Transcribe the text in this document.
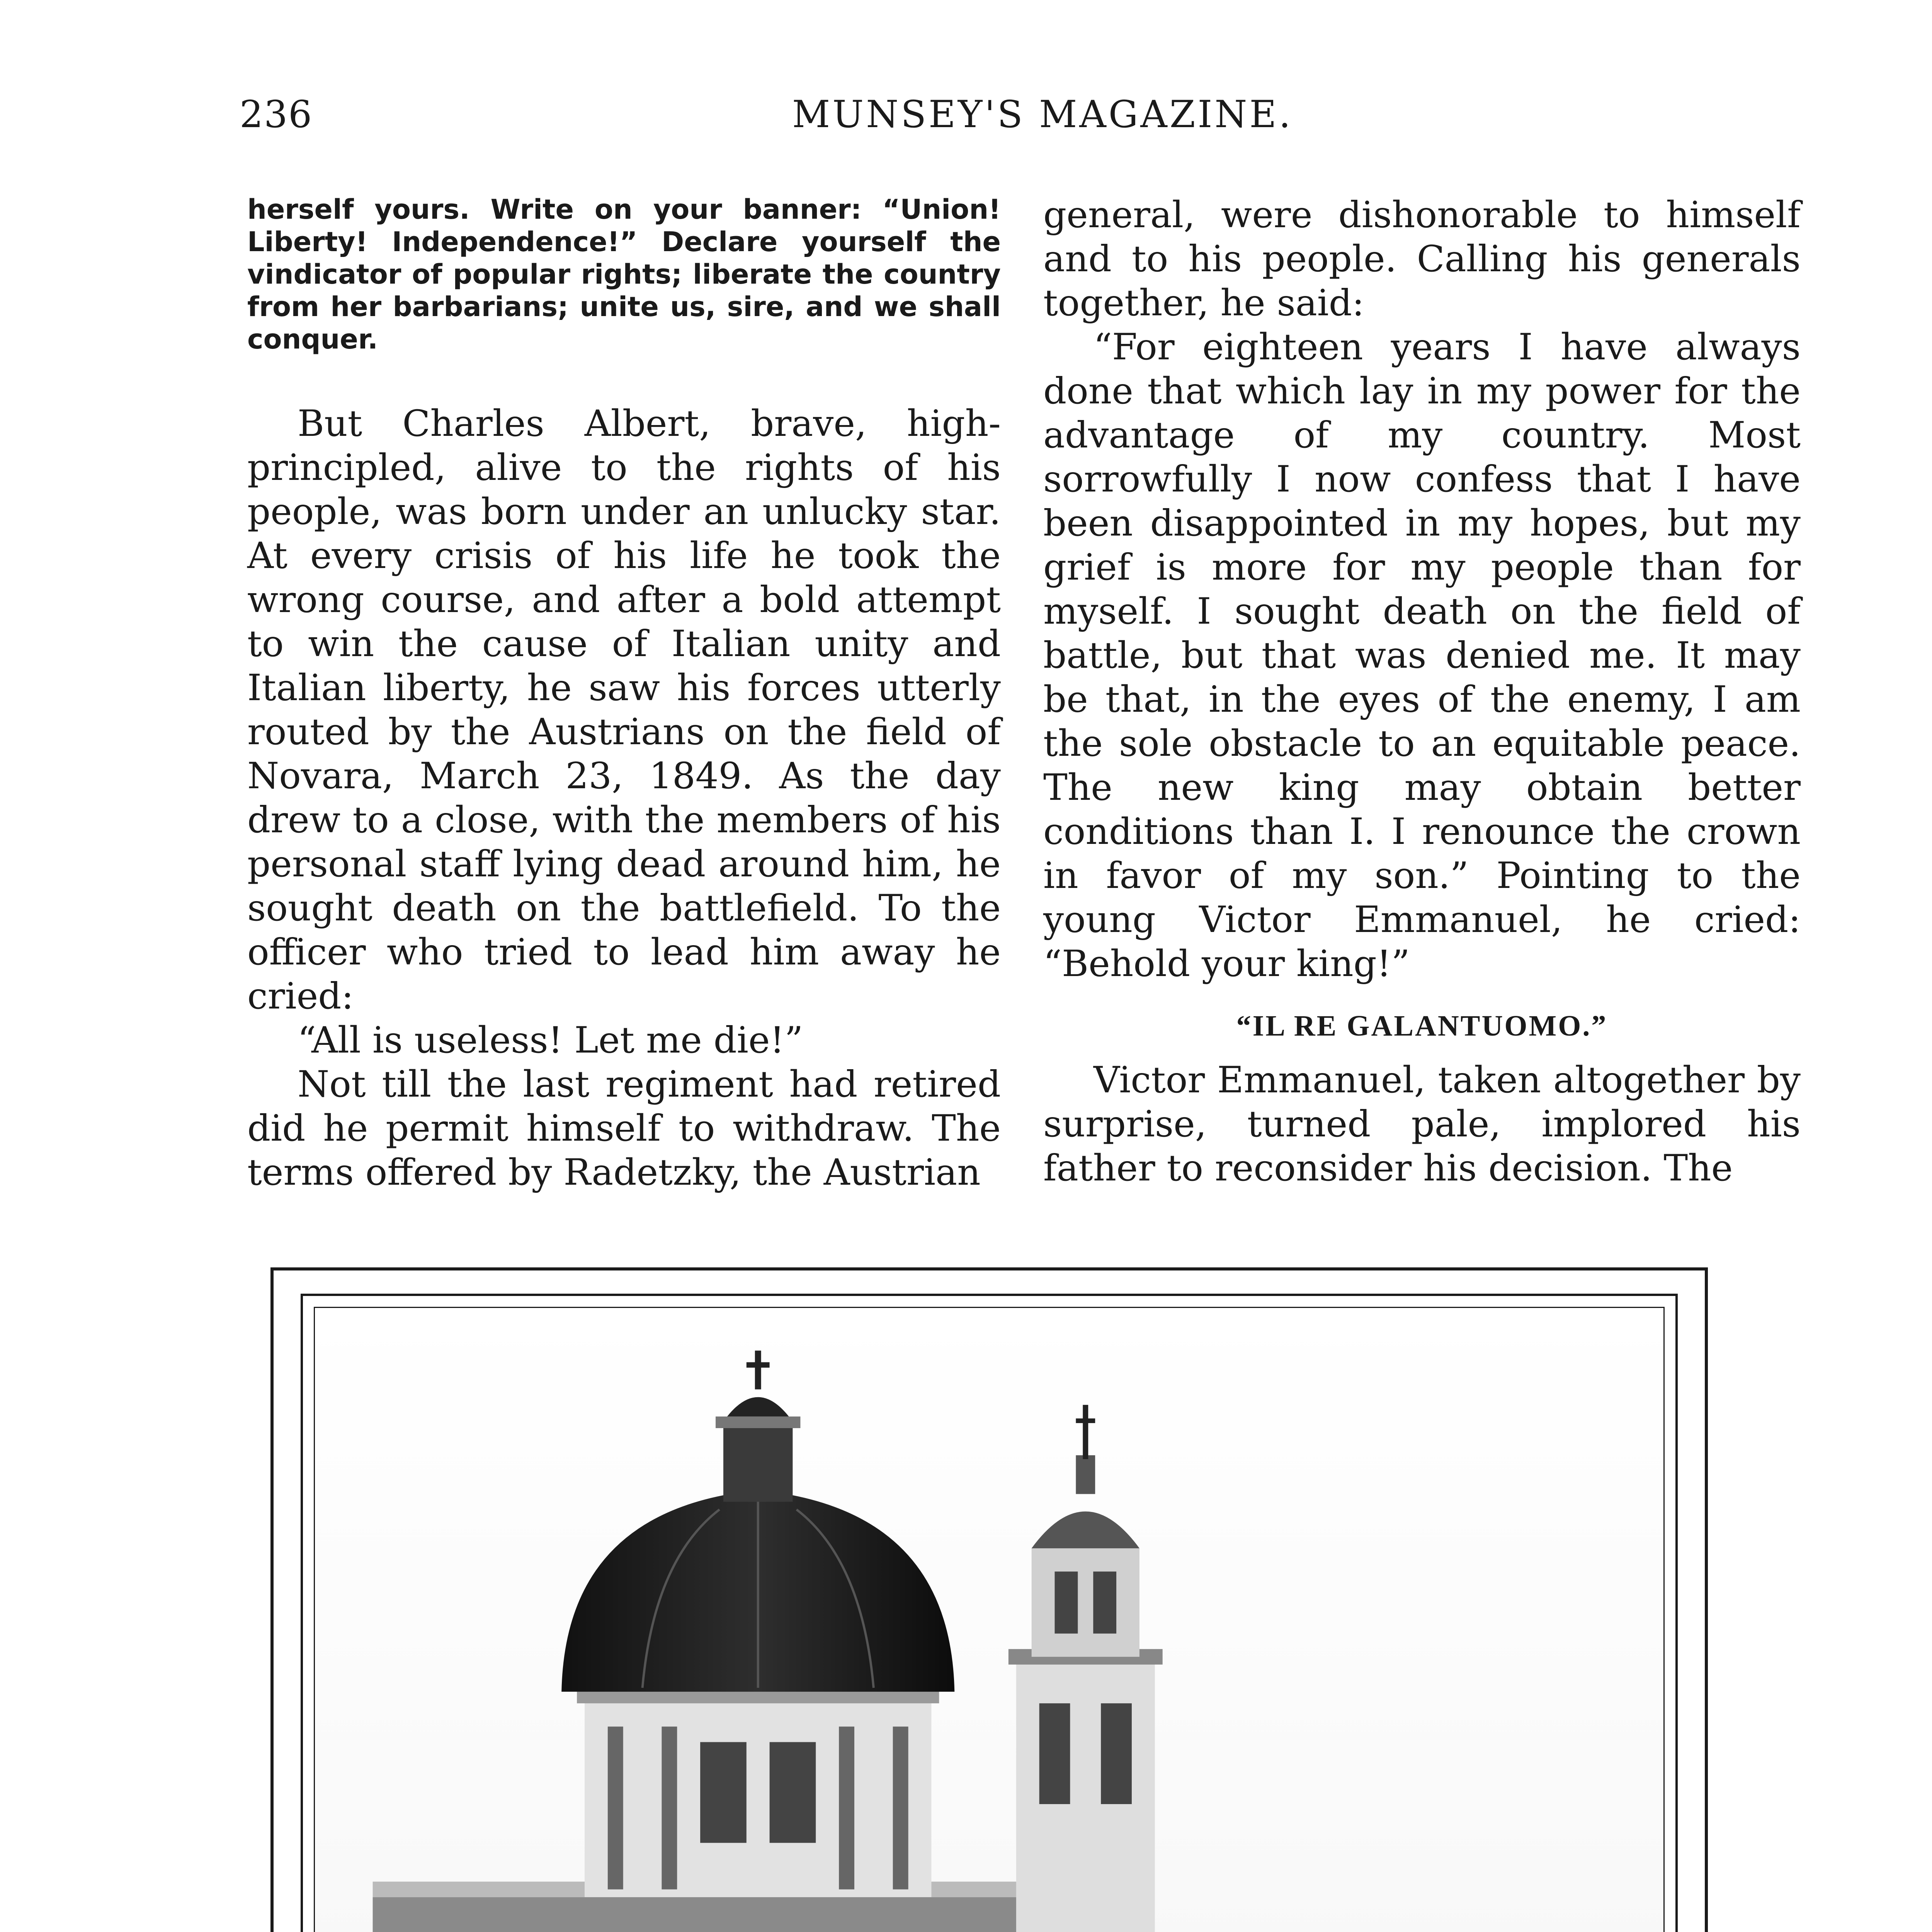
236	MUNSEY'S MAGAZINE.
herself yours. Write on your banner: “Union! Liberty! Independence!” Declare yourself the vindicator of popular rights; liberate the country from her barbarians; unite us, sire, and we shall conquer.

But Charles Albert, brave, high-principled, alive to the rights of his people, was born under an unlucky star. At every crisis of his life he took the wrong course, and after a bold attempt to win the cause of Italian unity and Italian liberty, he saw his forces utterly routed by the Austrians on the field of Novara, March 23, 1849. As the day drew to a close, with the members of his personal staff lying dead around him, he sought death on the battlefield. To the officer who tried to lead him away he cried:

“All is useless! Let me die!”

Not till the last regiment had retired did he permit himself to withdraw. The terms offered by Radetzky, the Austrian

general, were dishonorable to himself and to his people. Calling his generals together, he said:

“For eighteen years I have always done that which lay in my power for the advantage of my country. Most sorrowfully I now confess that I have been disappointed in my hopes, but my grief is more for my people than for myself. I sought death on the field of battle, but that was denied me. It may be that, in the eyes of the enemy, I am the sole obstacle to an equitable peace. The new king may obtain better conditions than I. I renounce the crown in favor of my son.” Pointing to the young Victor Emmanuel, he cried: “Behold your king!”

“IL RE GALANTUOMO.”

Victor Emmanuel, taken altogether by surprise, turned pale, implored his father to reconsider his decision. The
